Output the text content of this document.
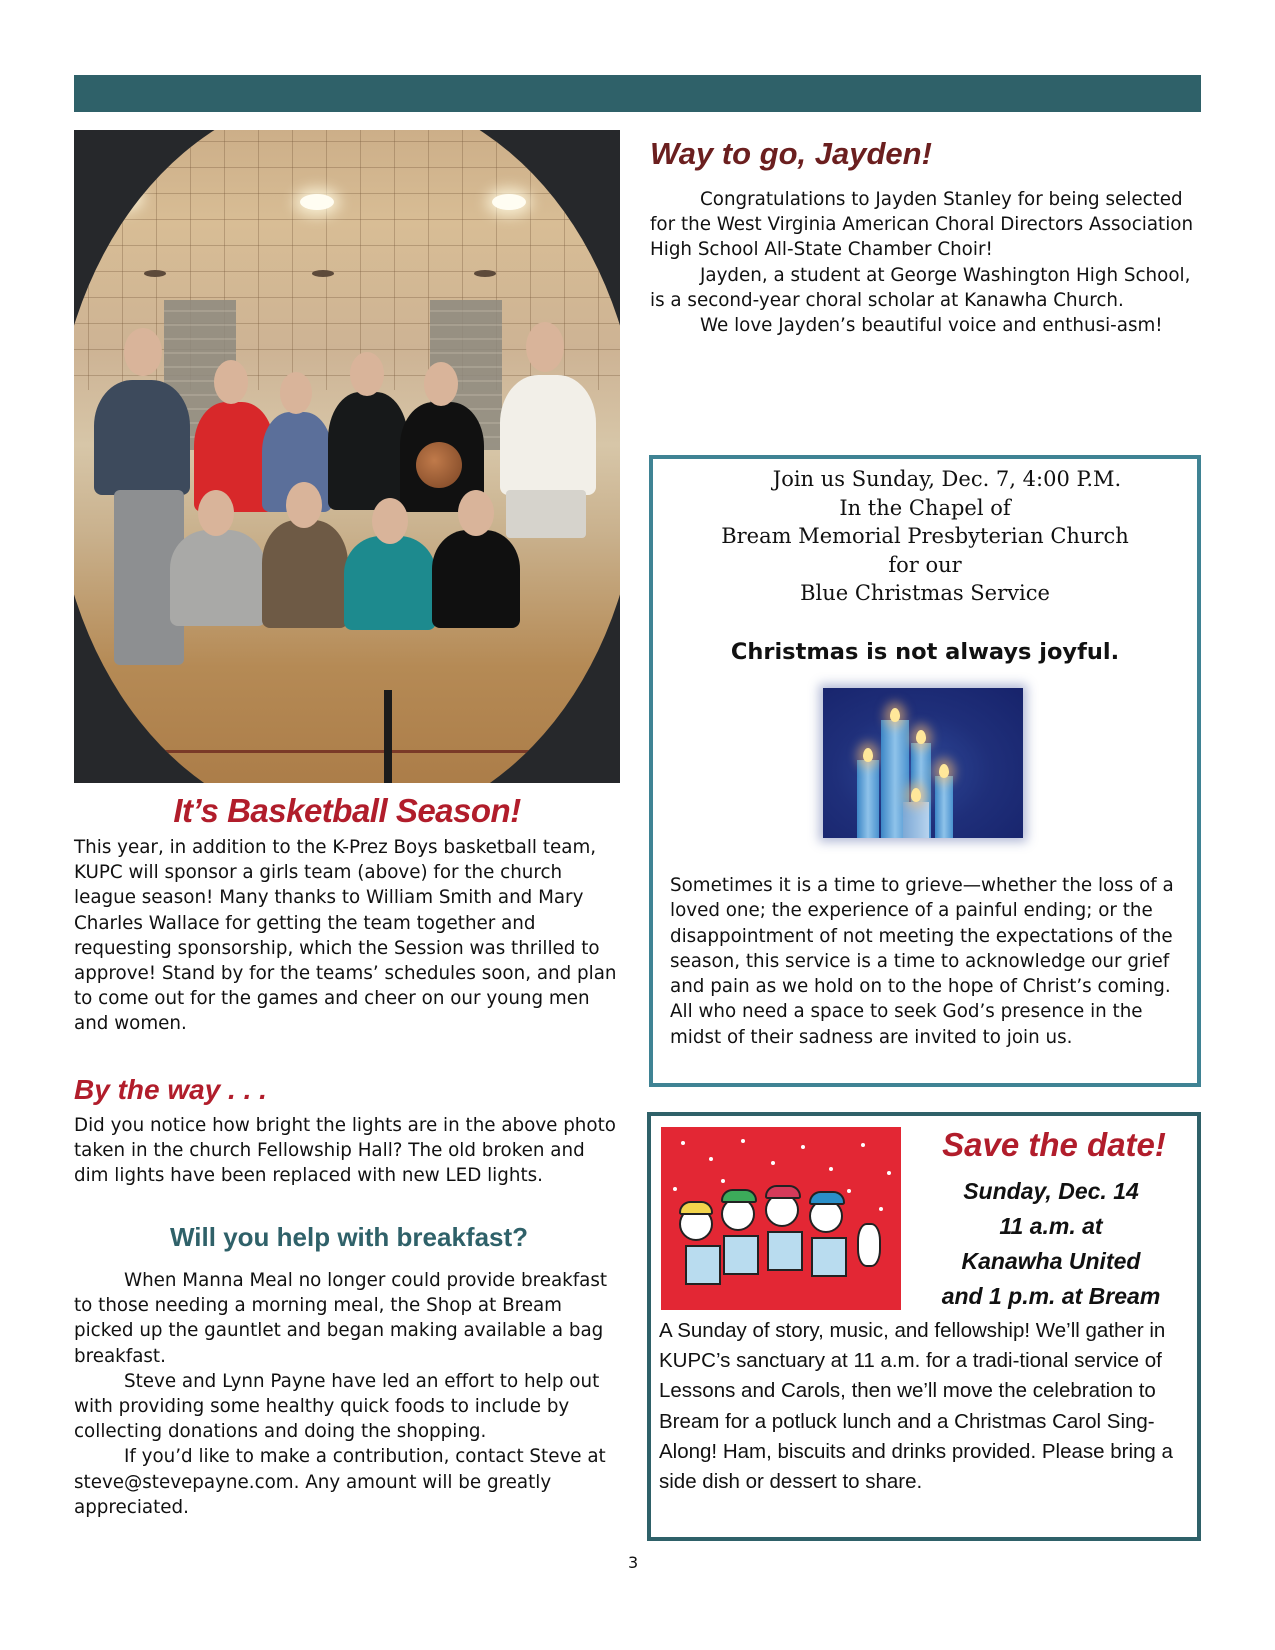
It’s Basketball Season!
This year, in addition to the K-Prez Boys basketball team, KUPC will sponsor a girls team (above) for the church league season! Many thanks to William Smith and Mary Charles Wallace for getting the team together and requesting sponsorship, which the Session was thrilled to approve! Stand by for the teams’ schedules soon, and plan to come out for the games and cheer on our young men and women.
By the way . . .
Did you notice how bright the lights are in the above photo taken in the church Fellowship Hall? The old broken and dim lights have been replaced with new LED lights.
Will you help with breakfast?
When Manna Meal no longer could provide breakfast to those needing a morning meal, the Shop at Bream picked up the gauntlet and began making available a bag breakfast.
Steve and Lynn Payne have led an effort to help out with providing some healthy quick foods to include by collecting donations and doing the shopping.
If you’d like to make a contribution, contact Steve at steve@stevepayne.com. Any amount will be greatly appreciated.
Way to go, Jayden!
Congratulations to Jayden Stanley for being selected for the West Virginia American Choral Directors Association High School All-State Chamber Choir!
Jayden, a student at George Washington High School, is a second-year choral scholar at Kanawha Church.
We love Jayden’s beautiful voice and enthusi-asm!
Join us Sunday, Dec. 7, 4:00 P.M.
In the Chapel of
Bream Memorial Presbyterian Church
for our
Blue Christmas Service
Christmas is not always joyful.
Sometimes it is a time to grieve—whether the loss of a loved one; the experience of a painful ending; or the disappointment of not meeting the expectations of the season, this service is a time to acknowledge our grief and pain as we hold on to the hope of Christ’s coming. All who need a space to seek God’s presence in the midst of their sadness are invited to join us.
Save the date!
Sunday, Dec. 14
11 a.m. at
Kanawha United
and 1 p.m. at Bream
A Sunday of story, music, and fellowship! We’ll gather in KUPC’s sanctuary at 11 a.m. for a tradi-tional service of Lessons and Carols, then we’ll move the celebration to Bream for a potluck lunch and a Christmas Carol Sing-Along! Ham, biscuits and drinks provided. Please bring a side dish or dessert to share.
3
